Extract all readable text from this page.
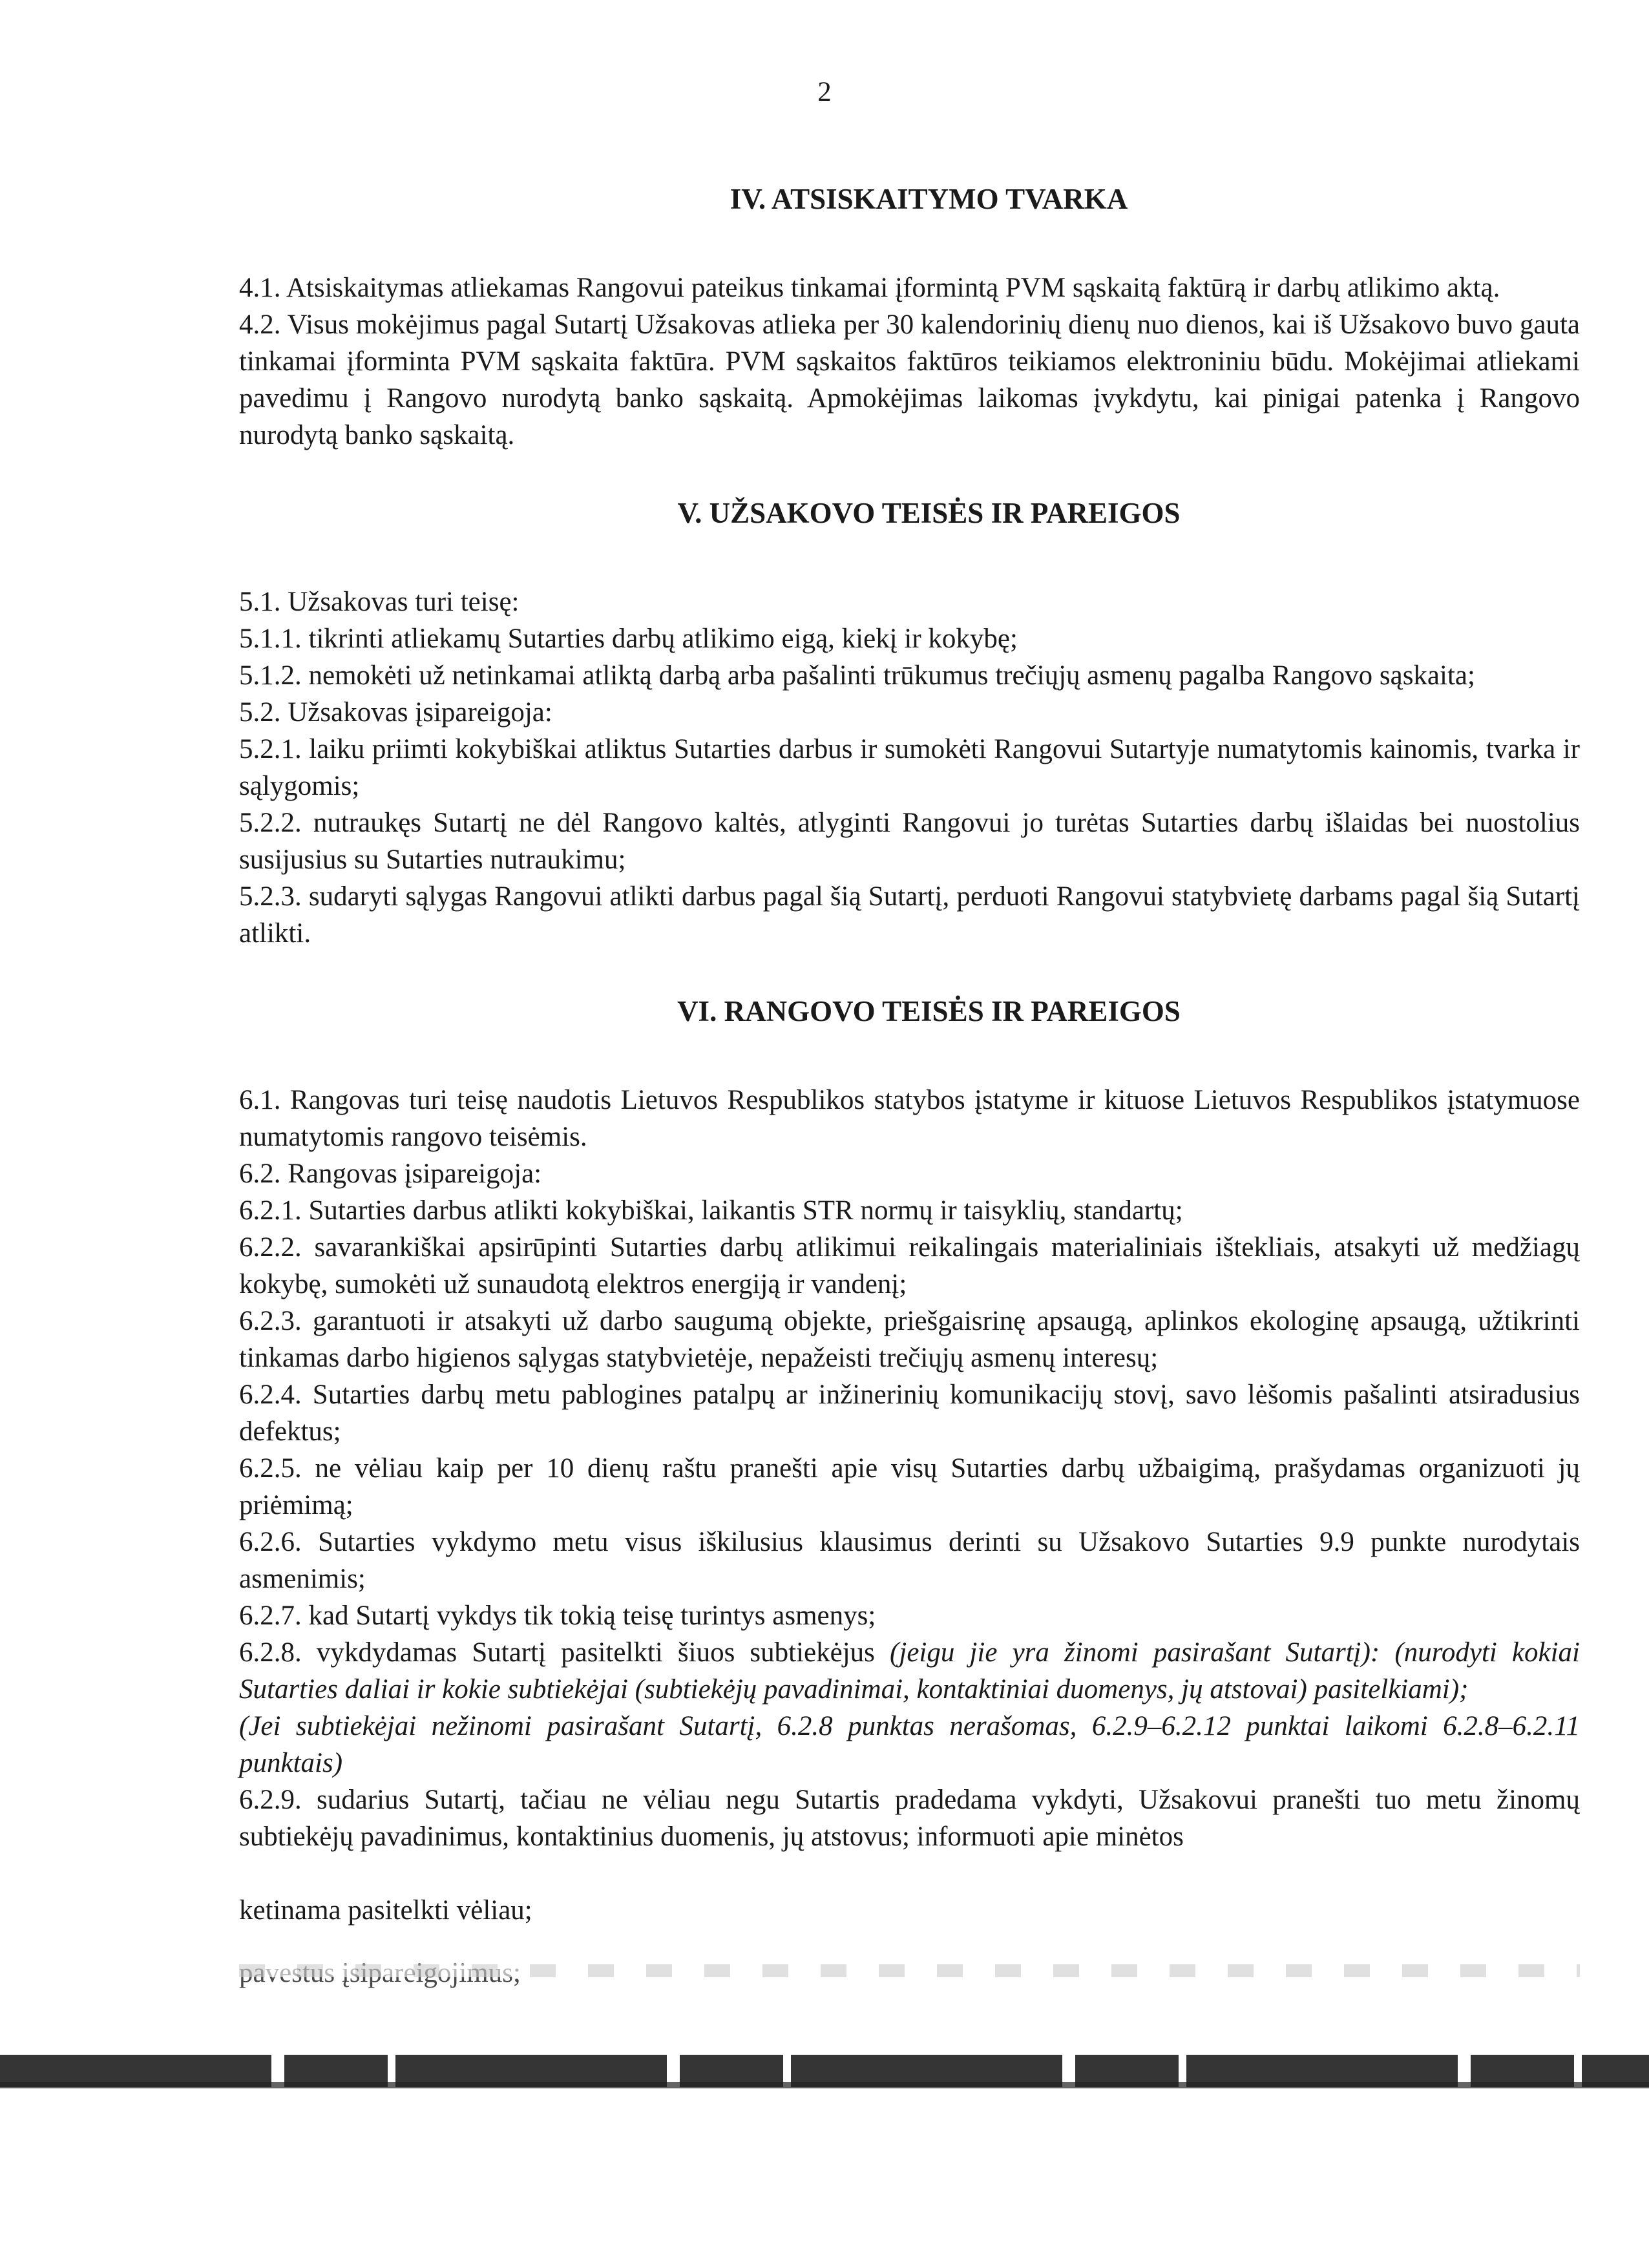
2

IV. ATSISKAITYMO TVARKA

4.1. Atsiskaitymas atliekamas Rangovui pateikus tinkamai įformintą PVM sąskaitą faktūrą ir darbų atlikimo aktą.

4.2. Visus mokėjimus pagal Sutartį Užsakovas atlieka per 30 kalendorinių dienų nuo dienos, kai iš Užsakovo buvo gauta tinkamai įforminta PVM sąskaita faktūra. PVM sąskaitos faktūros teikiamos elektroniniu būdu. Mokėjimai atliekami pavedimu į Rangovo nurodytą banko sąskaitą. Apmokėjimas laikomas įvykdytu, kai pinigai patenka į Rangovo nurodytą banko sąskaitą.

V. UŽSAKOVO TEISĖS IR PAREIGOS

5.1. Užsakovas turi teisę:

5.1.1. tikrinti atliekamų Sutarties darbų atlikimo eigą, kiekį ir kokybę;

5.1.2. nemokėti už netinkamai atliktą darbą arba pašalinti trūkumus trečiųjų asmenų pagalba Rangovo sąskaita;

5.2. Užsakovas įsipareigoja:

5.2.1. laiku priimti kokybiškai atliktus Sutarties darbus ir sumokėti Rangovui Sutartyje numatytomis kainomis, tvarka ir sąlygomis;

5.2.2. nutraukęs Sutartį ne dėl Rangovo kaltės, atlyginti Rangovui jo turėtas Sutarties darbų išlaidas bei nuostolius susijusius su Sutarties nutraukimu;

5.2.3. sudaryti sąlygas Rangovui atlikti darbus pagal šią Sutartį, perduoti Rangovui statybvietę darbams pagal šią Sutartį atlikti.

VI. RANGOVO TEISĖS IR PAREIGOS

6.1. Rangovas turi teisę naudotis Lietuvos Respublikos statybos įstatyme ir kituose Lietuvos Respublikos įstatymuose numatytomis rangovo teisėmis.

6.2. Rangovas įsipareigoja:

6.2.1. Sutarties darbus atlikti kokybiškai, laikantis STR normų ir taisyklių, standartų;

6.2.2. savarankiškai apsirūpinti Sutarties darbų atlikimui reikalingais materialiniais ištekliais, atsakyti už medžiagų kokybę, sumokėti už sunaudotą elektros energiją ir vandenį;

6.2.3. garantuoti ir atsakyti už darbo saugumą objekte, priešgaisrinę apsaugą, aplinkos ekologinę apsaugą, užtikrinti tinkamas darbo higienos sąlygas statybvietėje, nepažeisti trečiųjų asmenų interesų;

6.2.4. Sutarties darbų metu pablogines patalpų ar inžinerinių komunikacijų stovį, savo lėšomis pašalinti atsiradusius defektus;

6.2.5. ne vėliau kaip per 10 dienų raštu pranešti apie visų Sutarties darbų užbaigimą, prašydamas organizuoti jų priėmimą;

6.2.6. Sutarties vykdymo metu visus iškilusius klausimus derinti su Užsakovo Sutarties 9.9 punkte nurodytais asmenimis;

6.2.7. kad Sutartį vykdys tik tokią teisę turintys asmenys;

6.2.8. vykdydamas Sutartį pasitelkti šiuos subtiekėjus (jeigu jie yra žinomi pasirašant Sutartį): (nurodyti kokiai Sutarties daliai ir kokie subtiekėjai (subtiekėjų pavadinimai, kontaktiniai duomenys, jų atstovai) pasitelkiami);

(Jei subtiekėjai nežinomi pasirašant Sutartį, 6.2.8 punktas nerašomas, 6.2.9–6.2.12 punktai laikomi 6.2.8–6.2.11 punktais)

6.2.9. sudarius Sutartį, tačiau ne vėliau negu Sutartis pradedama vykdyti, Užsakovui pranešti tuo metu žinomų subtiekėjų pavadinimus, kontaktinius duomenis, jų atstovus; informuoti apie minėtos

ketinama pasitelkti vėliau;
